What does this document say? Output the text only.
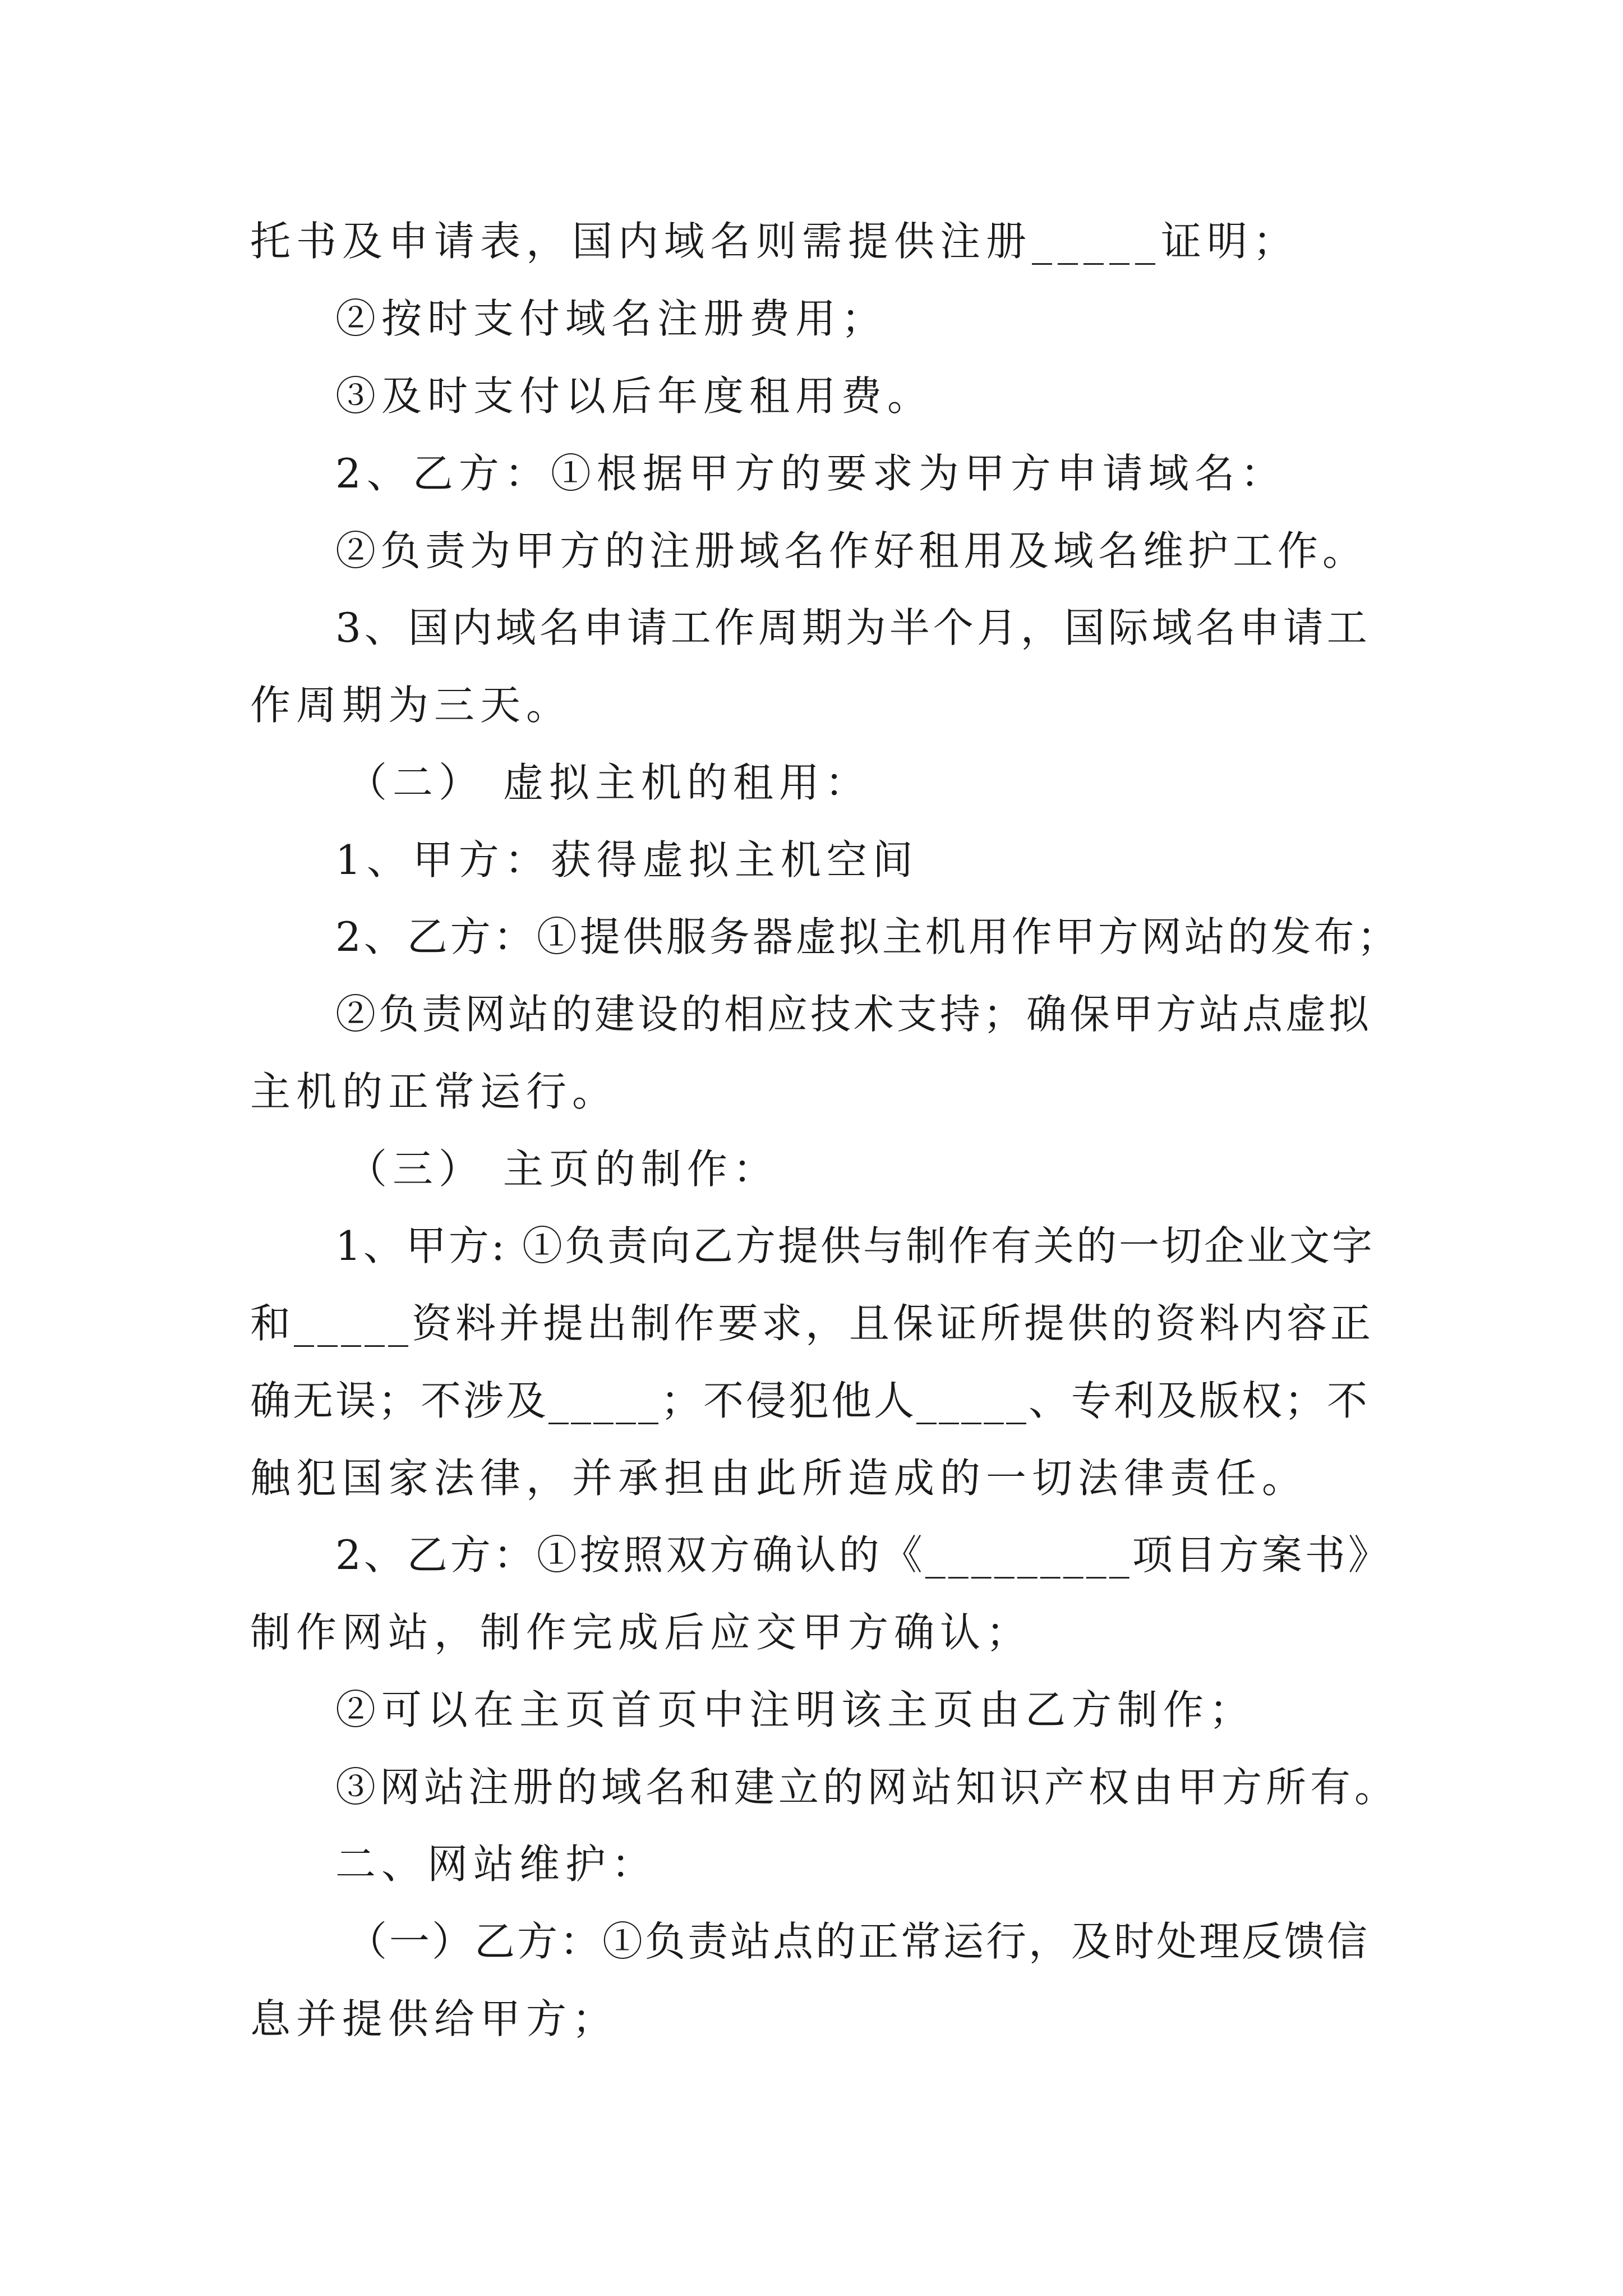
托书及申请表，国内域名则需提供注册_____证明；
②按时支付域名注册费用；
③及时支付以后年度租用费。
2、乙方：①根据甲方的要求为甲方申请域名：
②负责为甲方的注册域名作好租用及域名维护工作。
3、国内域名申请工作周期为半个月，国际域名申请工
作周期为三天。
（二） 虚拟主机的租用：
1、甲方：获得虚拟主机空间
2、乙方：①提供服务器虚拟主机用作甲方网站的发布；
②负责网站的建设的相应技术支持；确保甲方站点虚拟
主机的正常运行。
（三） 主页的制作：
1、甲方: ①负责向乙方提供与制作有关的一切企业文字
和_____资料并提出制作要求，且保证所提供的资料内容正
确无误；不涉及_____；不侵犯他人_____、专利及版权；不
触犯国家法律，并承担由此所造成的一切法律责任。
2、乙方：①按照双方确认的《_________项目方案书》
制作网站，制作完成后应交甲方确认；
②可以在主页首页中注明该主页由乙方制作；
③网站注册的域名和建立的网站知识产权由甲方所有。
二、网站维护：
（一）乙方：①负责站点的正常运行，及时处理反馈信
息并提供给甲方；
